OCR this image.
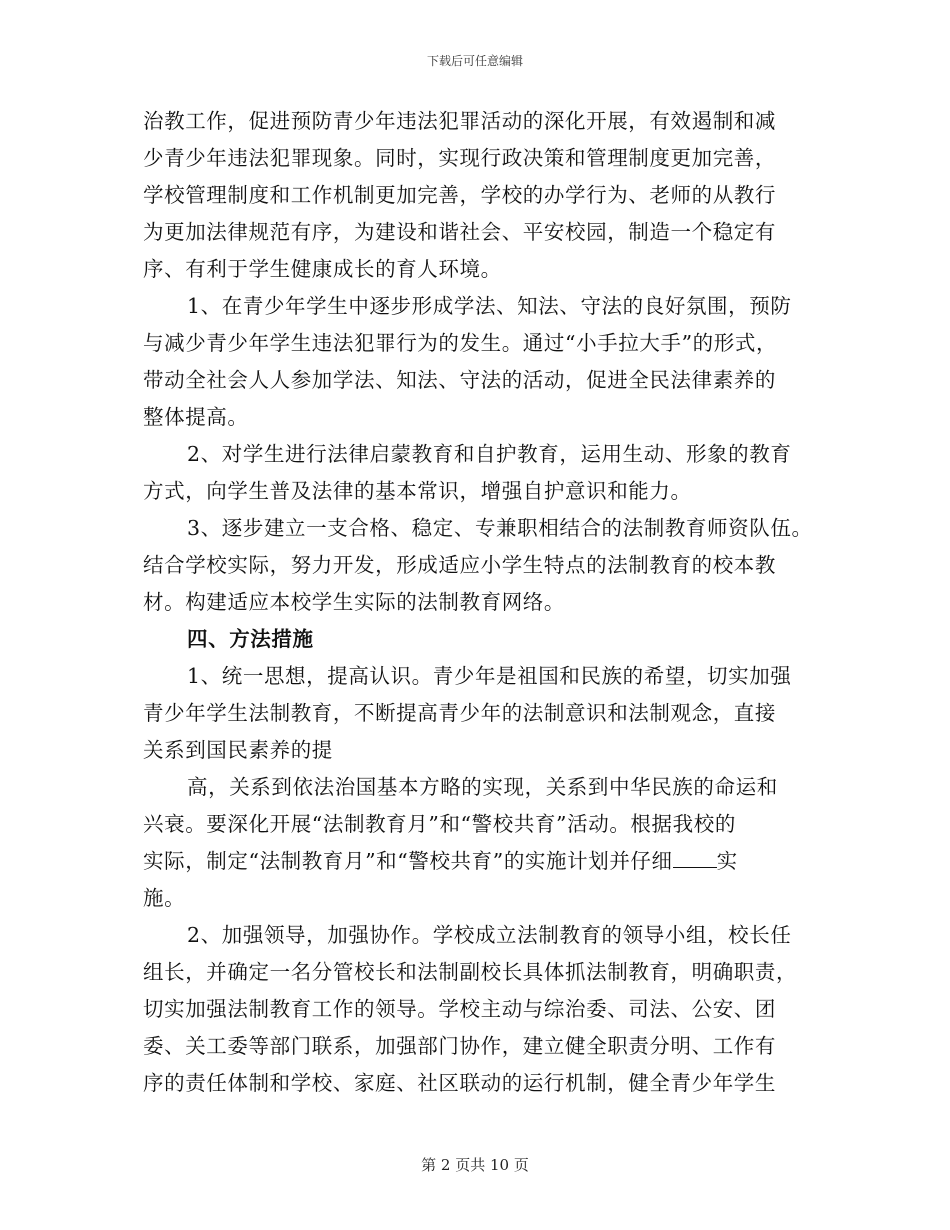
下载后可任意编辑
治教工作，促进预防青少年违法犯罪活动的深化开展，有效遏制和减
少青少年违法犯罪现象。同时，实现行政决策和管理制度更加完善，
学校管理制度和工作机制更加完善，学校的办学行为、老师的从教行
为更加法律规范有序，为建设和谐社会、平安校园，制造一个稳定有
序、有利于学生健康成长的育人环境。
1、在青少年学生中逐步形成学法、知法、守法的良好氛围，预防
与减少青少年学生违法犯罪行为的发生。通过“小手拉大手”的形式，
带动全社会人人参加学法、知法、守法的活动，促进全民法律素养的
整体提高。
2、对学生进行法律启蒙教育和自护教育，运用生动、形象的教育
方式，向学生普及法律的基本常识，增强自护意识和能力。
3、逐步建立一支合格、稳定、专兼职相结合的法制教育师资队伍。
结合学校实际，努力开发，形成适应小学生特点的法制教育的校本教
材。构建适应本校学生实际的法制教育网络。
四、方法措施
1、统一思想，提高认识。青少年是祖国和民族的希望，切实加强
青少年学生法制教育，不断提高青少年的法制意识和法制观念，直接
关系到国民素养的提
高，关系到依法治国基本方略的实现，关系到中华民族的命运和
兴衰。要深化开展“法制教育月”和“警校共育”活动。根据我校的
实际，制定“法制教育月”和“警校共育”的实施计划并仔细 实
施。
2、加强领导，加强协作。学校成立法制教育的领导小组，校长任
组长，并确定一名分管校长和法制副校长具体抓法制教育，明确职责，
切实加强法制教育工作的领导。学校主动与综治委、司法、公安、团
委、关工委等部门联系，加强部门协作，建立健全职责分明、工作有
序的责任体制和学校、家庭、社区联动的运行机制，健全青少年学生
第 2 页共 10 页
